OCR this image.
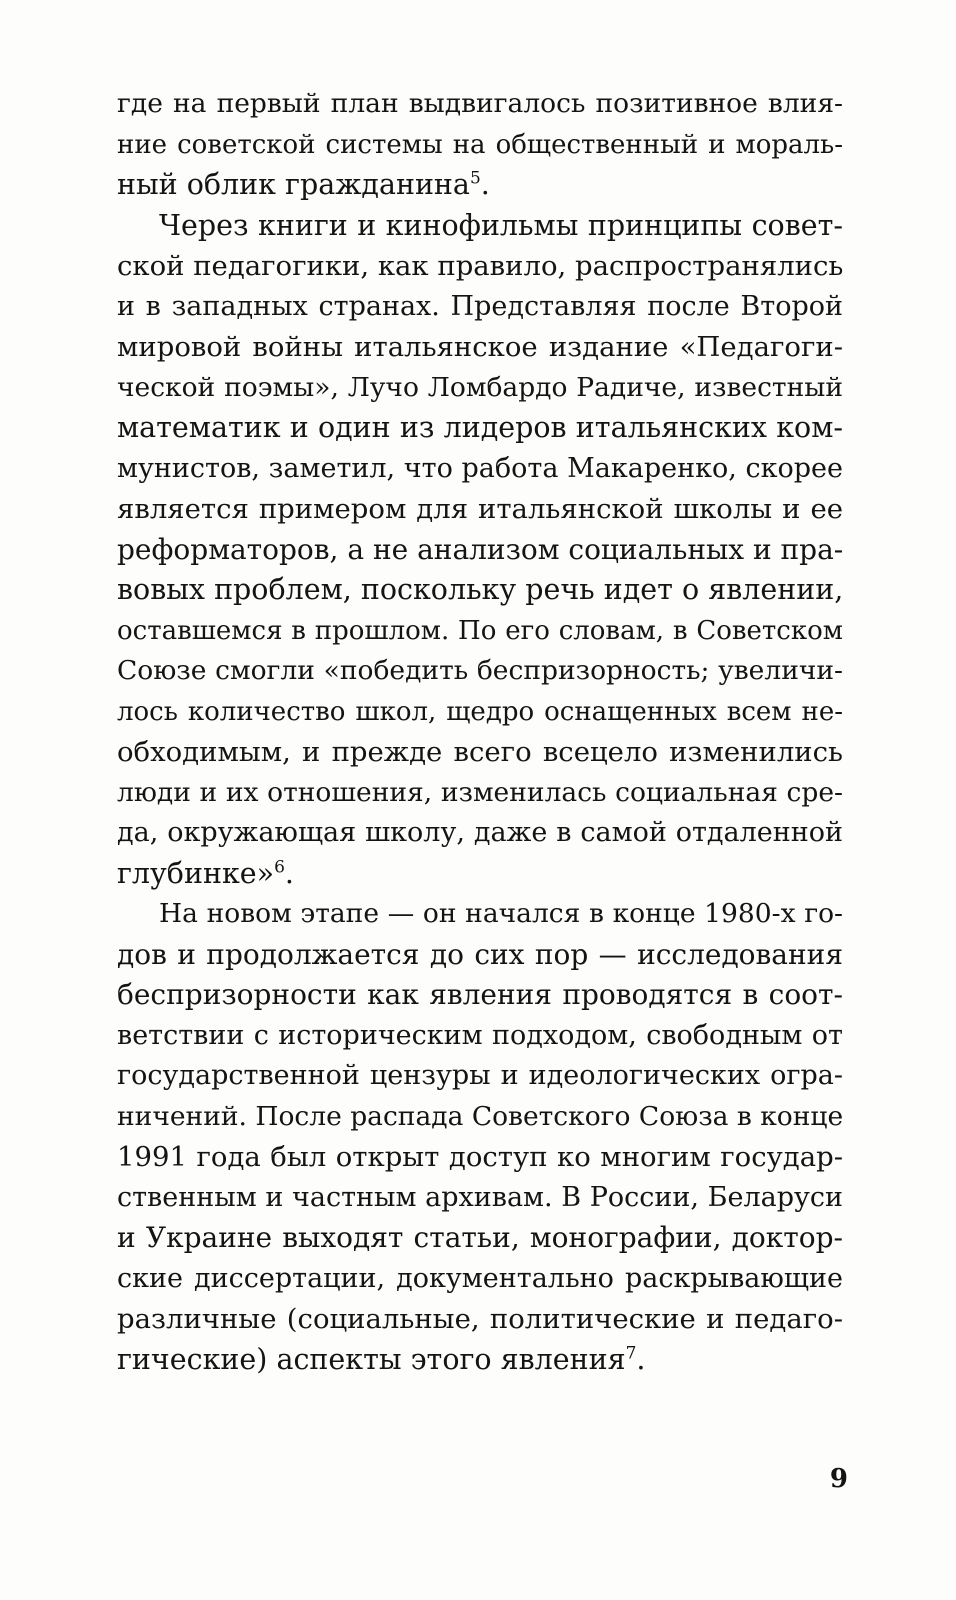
где на первый план выдвигалось позитивное влия-
ние советской системы на общественный и мораль-
ный облик гражданина$^5$.
Через книги и кинофильмы принципы совет-
ской педагогики, как правило, распространялись
и в западных странах. Представляя после Второй
мировой войны итальянское издание «Педагоги-
ческой поэмы», Лучо Ломбардо Радиче, известный
математик и один из лидеров итальянских ком-
мунистов, заметил, что работа Макаренко, скорее
является примером для итальянской школы и ее
реформаторов, а не анализом социальных и пра-
вовых проблем, поскольку речь идет о явлении,
оставшемся в прошлом. По его словам, в Советском
Союзе смогли «победить беспризорность; увеличи-
лось количество школ, щедро оснащенных всем не-
обходимым, и прежде всего всецело изменились
люди и их отношения, изменилась социальная сре-
да, окружающая школу, даже в самой отдаленной
глубинке»$^6$.
На новом этапе — он начался в конце 1980-х го-
дов и продолжается до сих пор — исследования
беспризорности как явления проводятся в соот-
ветствии с историческим подходом, свободным от
государственной цензуры и идеологических огра-
ничений. После распада Советского Союза в конце
1991 года был открыт доступ ко многим государ-
ственным и частным архивам. В России, Беларуси
и Украине выходят статьи, монографии, доктор-
ские диссертации, документально раскрывающие
различные (социальные, политические и педаго-
гические) аспекты этого явления$^7$.
9
